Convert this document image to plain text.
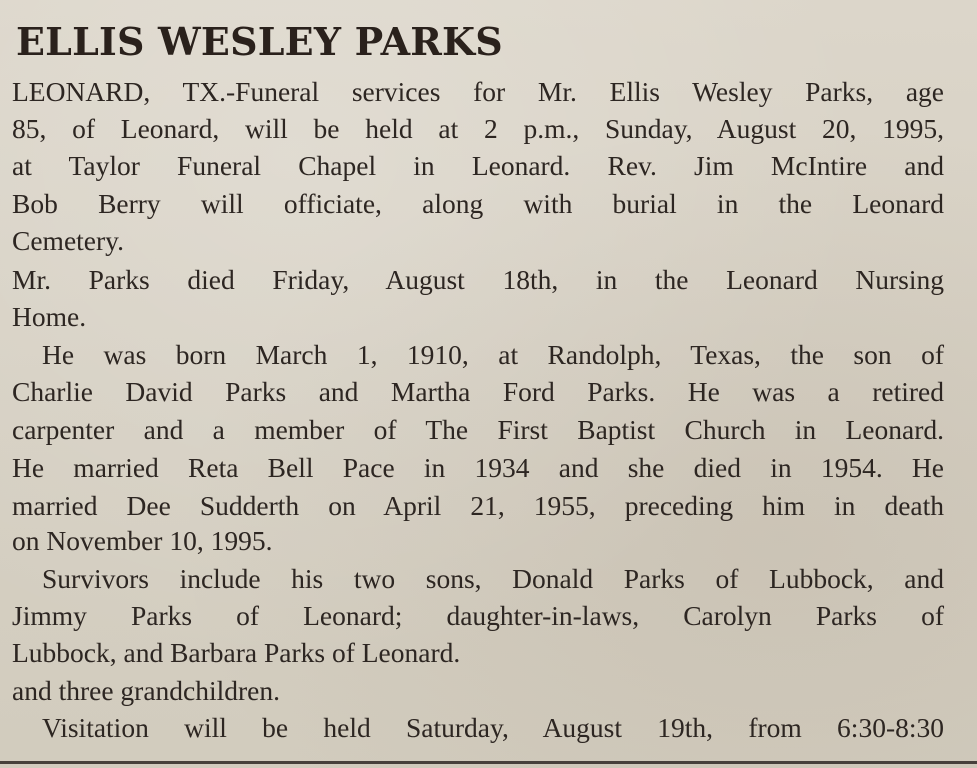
ELLIS WESLEY PARKS
LEONARD, TX.-Funeral services for Mr. Ellis Wesley Parks, age
85, of Leonard, will be held at 2 p.m., Sunday, August 20, 1995,
at Taylor Funeral Chapel in Leonard. Rev. Jim McIntire and
Bob Berry will officiate, along with burial in the Leonard
Cemetery.
Mr. Parks died Friday, August 18th, in the Leonard Nursing
Home.
He was born March 1, 1910, at Randolph, Texas, the son of
Charlie David Parks and Martha Ford Parks. He was a retired
carpenter and a member of The First Baptist Church in Leonard.
He married Reta Bell Pace in 1934 and she died in 1954. He
married Dee Sudderth on April 21, 1955, preceding him in death
on November 10, 1995.
Survivors include his two sons, Donald Parks of Lubbock, and
Jimmy Parks of Leonard; daughter-in-laws, Carolyn Parks of
Lubbock, and Barbara Parks of Leonard.
and three grandchildren.
Visitation will be held Saturday, August 19th, from 6:30-8:30
